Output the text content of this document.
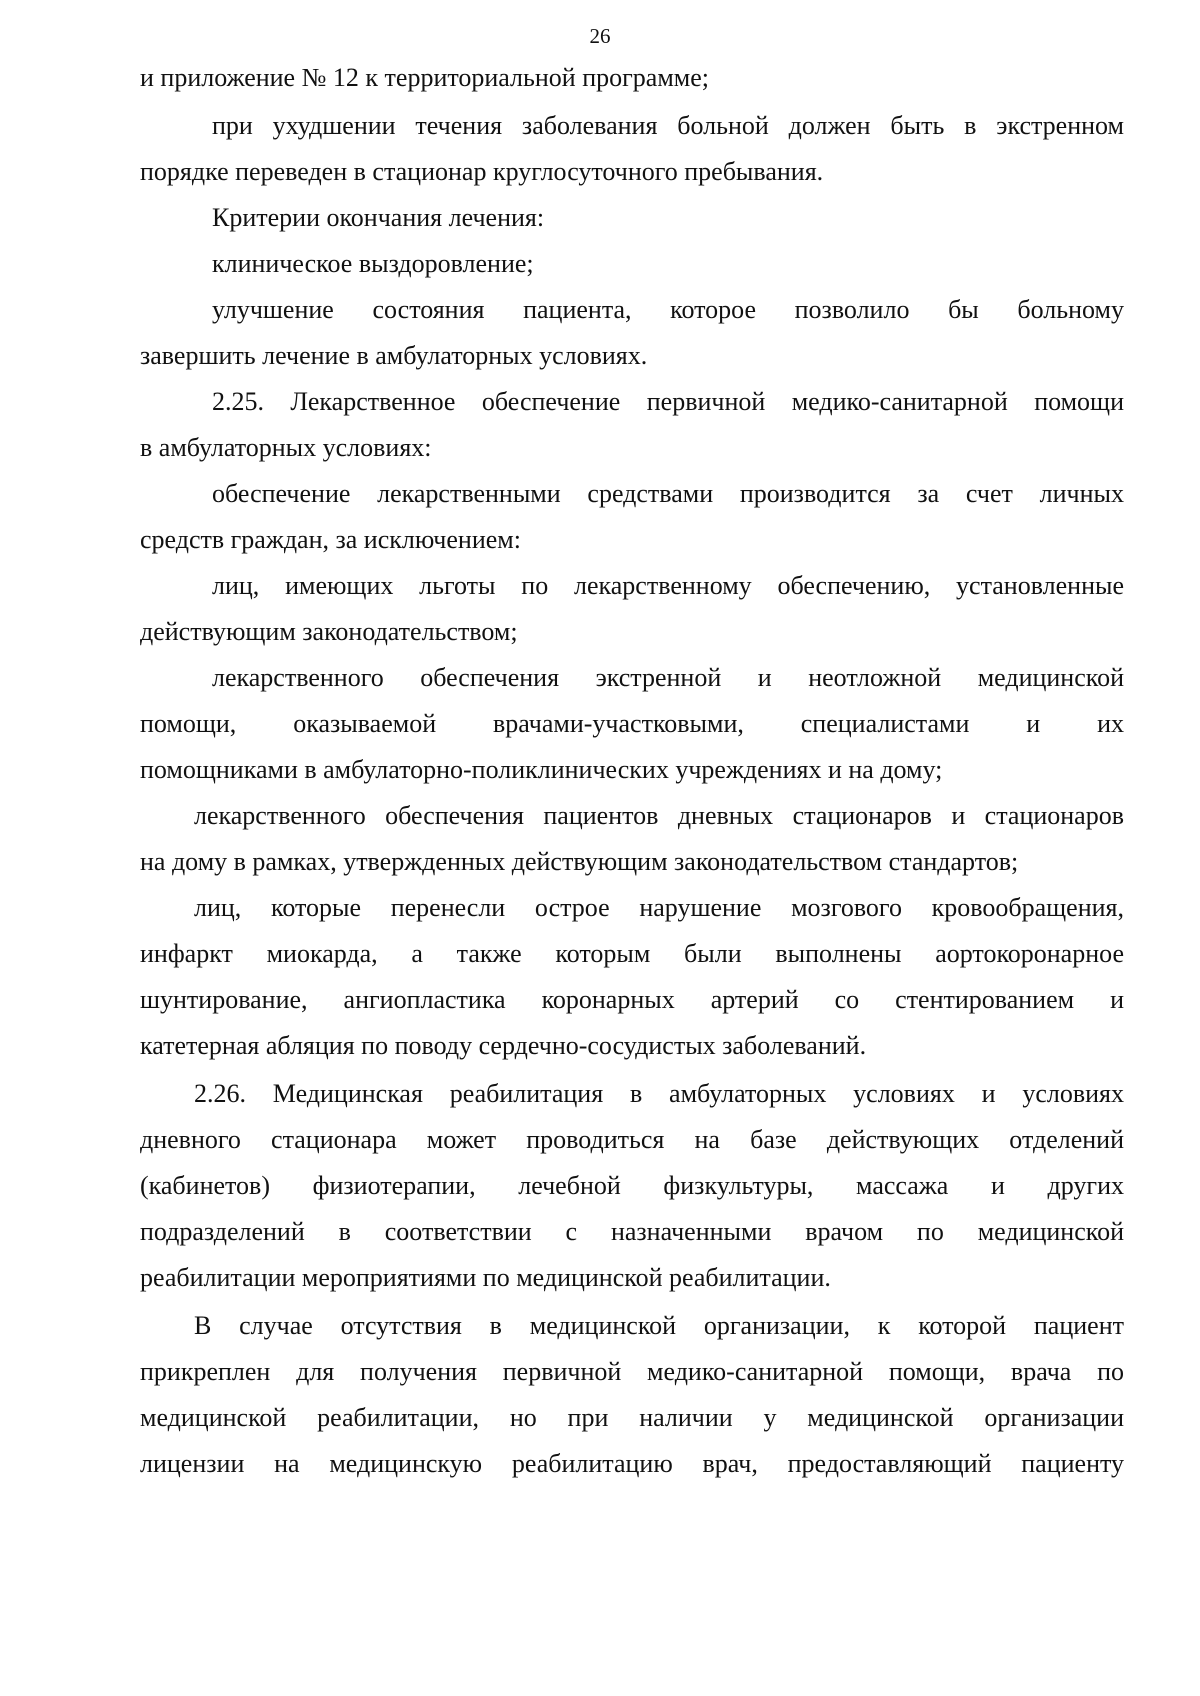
26
и приложение № 12 к территориальной программе;
при ухудшении течения заболевания больной должен быть в экстренном
порядке переведен в стационар круглосуточного пребывания.
Критерии окончания лечения:
клиническое выздоровление;
улучшение состояния пациента, которое позволило бы больному
завершить лечение в амбулаторных условиях.
2.25. Лекарственное обеспечение первичной медико-санитарной помощи
в амбулаторных условиях:
обеспечение лекарственными средствами производится за счет личных
средств граждан, за исключением:
лиц, имеющих льготы по лекарственному обеспечению, установленные
действующим законодательством;
лекарственного обеспечения экстренной и неотложной медицинской
помощи, оказываемой врачами-участковыми, специалистами и их
помощниками в амбулаторно-поликлинических учреждениях и на дому;
лекарственного обеспечения пациентов дневных стационаров и стационаров
на дому в рамках, утвержденных действующим законодательством стандартов;
лиц, которые перенесли острое нарушение мозгового кровообращения,
инфаркт миокарда, а также которым были выполнены аортокоронарное
шунтирование, ангиопластика коронарных артерий со стентированием и
катетерная абляция по поводу сердечно-сосудистых заболеваний.
2.26. Медицинская реабилитация в амбулаторных условиях и условиях
дневного стационара может проводиться на базе действующих отделений
(кабинетов) физиотерапии, лечебной физкультуры, массажа и других
подразделений в соответствии с назначенными врачом по медицинской
реабилитации мероприятиями по медицинской реабилитации.
В случае отсутствия в медицинской организации, к которой пациент
прикреплен для получения первичной медико-санитарной помощи, врача по
медицинской реабилитации, но при наличии у медицинской организации
лицензии на медицинскую реабилитацию врач, предоставляющий пациенту
